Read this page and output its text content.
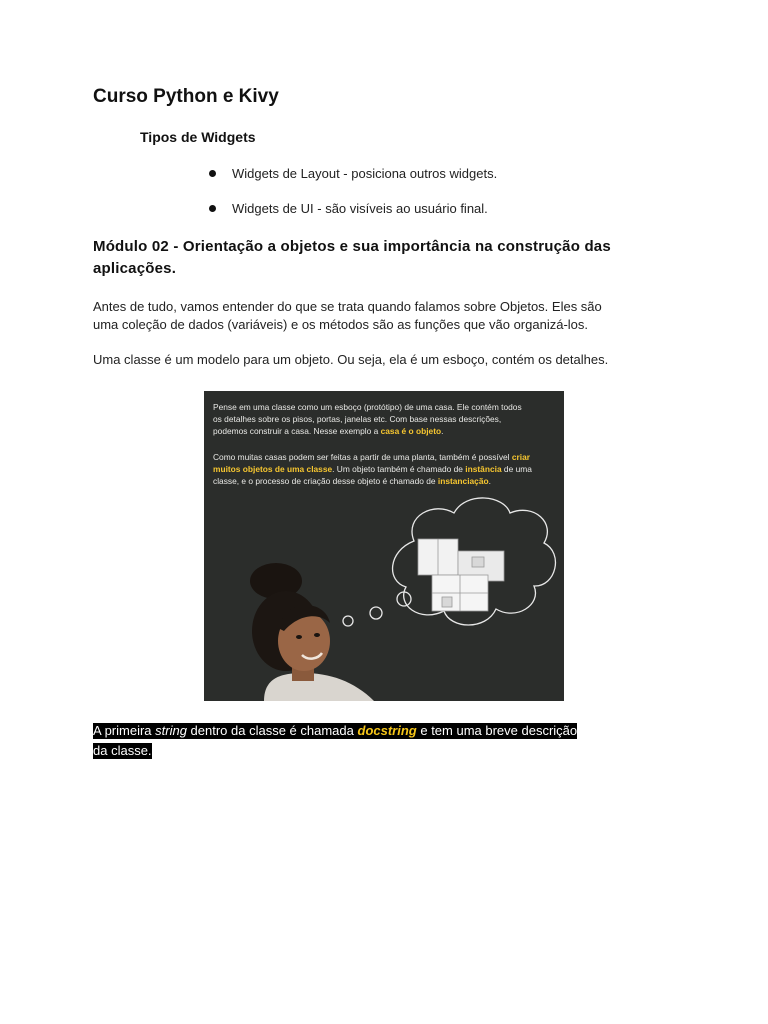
Curso Python e Kivy
Tipos de Widgets
Widgets de Layout - posiciona outros widgets.
Widgets de UI - são visíveis ao usuário final.
Módulo 02 - Orientação a objetos e sua importância na construção das
aplicações.
Antes de tudo, vamos entender do que se trata quando falamos sobre Objetos. Eles são
uma coleção de dados (variáveis) e os métodos são as funções que vão organizá-los.
Uma classe é um modelo para um objeto. Ou seja, ela é um esboço, contém os detalhes.
Pense em uma classe como um esboço (protótipo) de uma casa. Ele contém todos
os detalhes sobre os pisos, portas, janelas etc. Com base nessas descrições,
podemos construir a casa. Nesse exemplo a casa é o objeto.
Como muitas casas podem ser feitas a partir de uma planta, também é possível criar
muitos objetos de uma classe. Um objeto também é chamado de instância de uma
classe, e o processo de criação desse objeto é chamado de instanciação.
A primeira string dentro da classe é chamada docstring e tem uma breve descrição
da classe.
